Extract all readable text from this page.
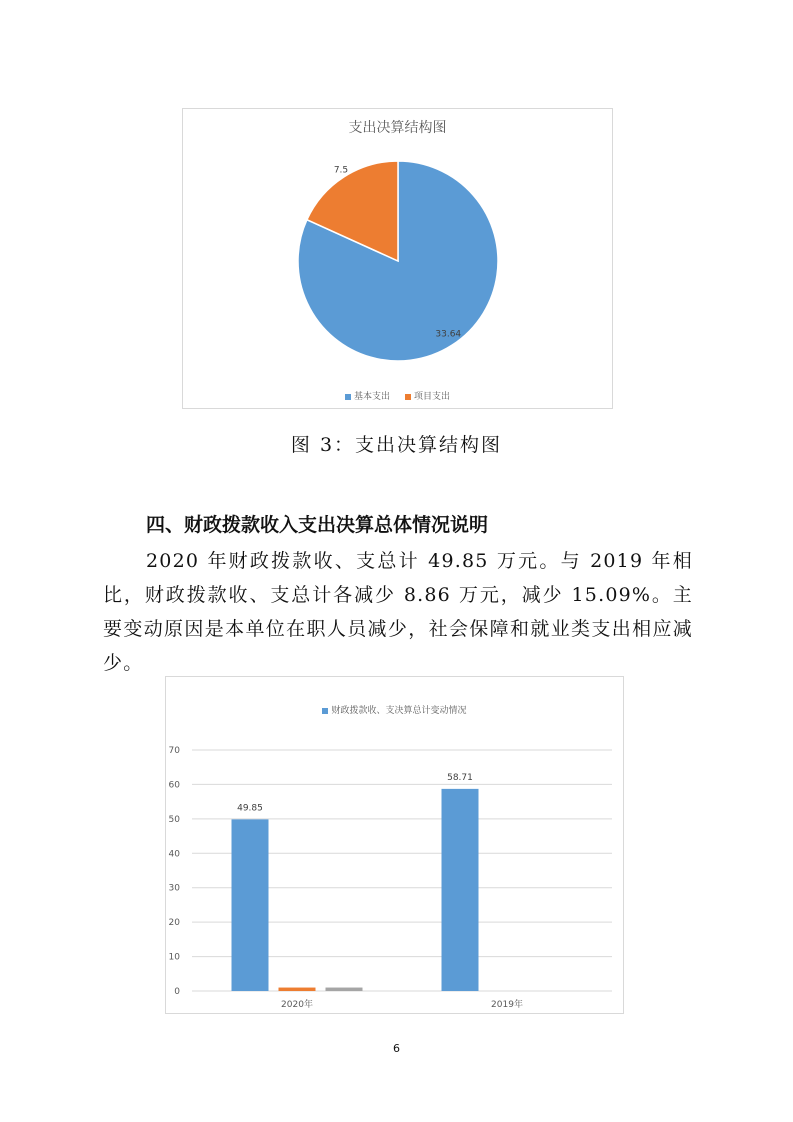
支出决算结构图
33.64
7.5
基本支出	项目支出
图 3：支出决算结构图
四、财政拨款收入支出决算总体情况说明
2020 年财政拨款收、支总计 49.85 万元。与 2019 年相比，财政拨款收、支总计各减少 8.86 万元，减少 15.09%。主要变动原因是本单位在职人员减少，社会保障和就业类支出相应减少。
财政拨款收、支决算总计变动情况
0
10
20
30
40
50
60
70
49.85
2020年
58.71
2019年
6
